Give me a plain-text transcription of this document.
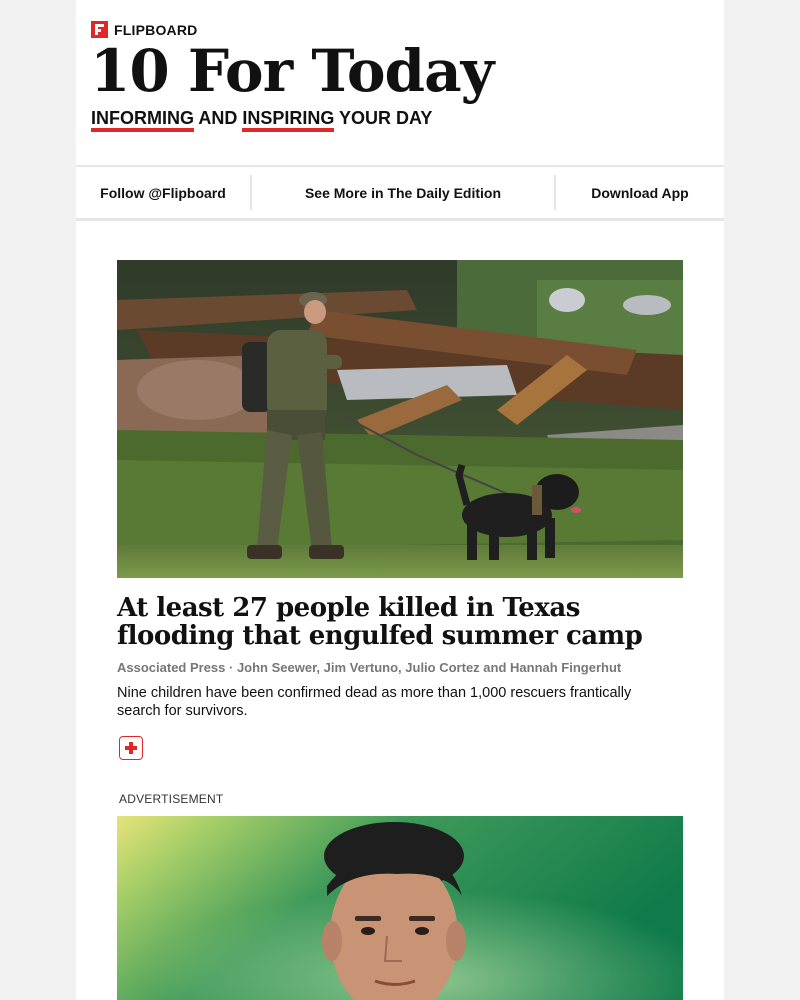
FLIPBOARD
10 For Today
INFORMING AND INSPIRING YOUR DAY
Follow @Flipboard	See More in The Daily Edition	Download App
At least 27 people killed in Texas flooding that engulfed summer camp
Associated Press · John Seewer, Jim Vertuno, Julio Cortez and Hannah Fingerhut
Nine children have been confirmed dead as more than 1,000 rescuers frantically search for survivors.
ADVERTISEMENT
